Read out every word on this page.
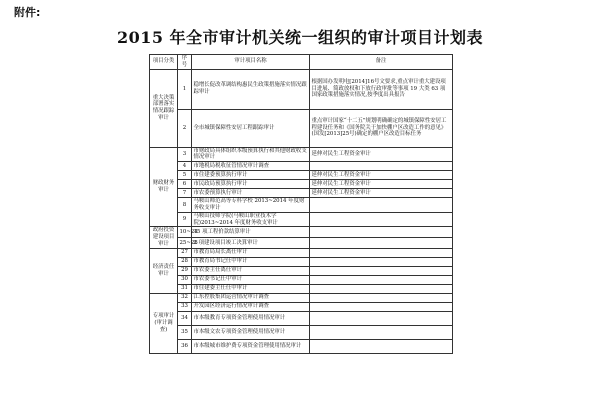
附件:
2015 年全市审计机关统一组织的审计项目计划表
项目分类	序号	审计项目名称	备注
重大决策部署落实情况跟踪审计	1	稳增长促改革调结构惠民生政策措施落实情况跟踪审计	根据国办发明电[2014]16号文要求,重点审计重大建设项目进展、简政放权和下放行政审批等事项 19 大类 63 项国家政策措施落实情况,按季度出具报告
	2	全市城镇保障性安居工程跟踪审计	重点审计国家“十二五”规划明确确定的城镇保障性安居工程建设任务和《国务院关于加快棚户区改造工作的意见》(国发[2013]25号)确定的棚户区改造目标任务
财政财务审计	3	市财政局具体组织本级预算执行和其他财政收支情况审计	延伸对民生工程资金审计
	4	市地税局税收征管情况审计调查	
	5	市住建委预算执行审计	延伸对民生工程资金审计
	6	市民政局预算执行审计	延伸对民生工程资金审计
	7	市农委预算执行审计	延伸对民生工程资金审计
	8	马鞍山师范高等专科学校 2013~2014 年度财务收支审计	
	9	马鞍山技师学院(马鞍山职业技术学院)2013~2014 年度财务收支审计	
政府投资建设项目审计	10~24	15 项工程价款结算审计	
	25~26	2 项建设项目竣工决算审计	
经济责任审计	27	市教育局局长离任审计	
	28	市教育局书记任中审计	
	29	市农委主任离任审计	
	30	市农委书记任中审计	
	31	市住建委主任任中审计	
专项审计(审计调查)	32	江东控股集团运营情况审计调查	
	33	开发园区经济运行情况审计调查	
	34	市本级教育专项资金管理使用情况审计	
	35	市本级文农专项资金管理使用情况审计	
	36	市本级城市维护费专项资金管理使用情况审计	
